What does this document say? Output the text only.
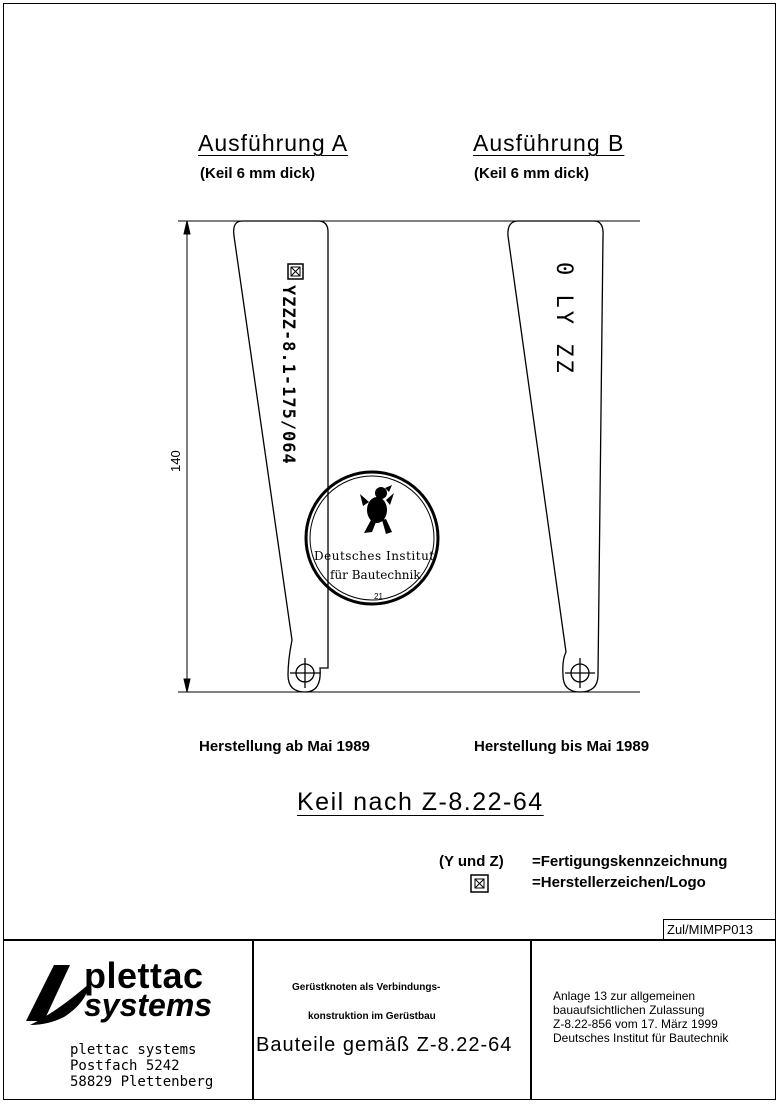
Ausführung A
(Keil 6 mm dick)
Ausführung B
(Keil 6 mm dick)
YZZZ-8.1-175/064	0 LY ZZ
140
Deutsches Institut
für Bautechnik
21
Herstellung ab Mai 1989	Herstellung bis Mai 1989
Keil nach Z-8.22-64
(Y und Z) =Fertigungskennzeichnung
=Herstellerzeichen/Logo
Zul/MIMPP013
plettac
systems
plettac systems
Postfach 5242
58829 Plettenberg
Gerüstknoten als Verbindungs-
konstruktion im Gerüstbau
Bauteile gemäß Z-8.22-64
Anlage 13 zur allgemeinen
bauaufsichtlichen Zulassung
Z-8.22-856 vom 17. März 1999
Deutsches Institut für Bautechnik
